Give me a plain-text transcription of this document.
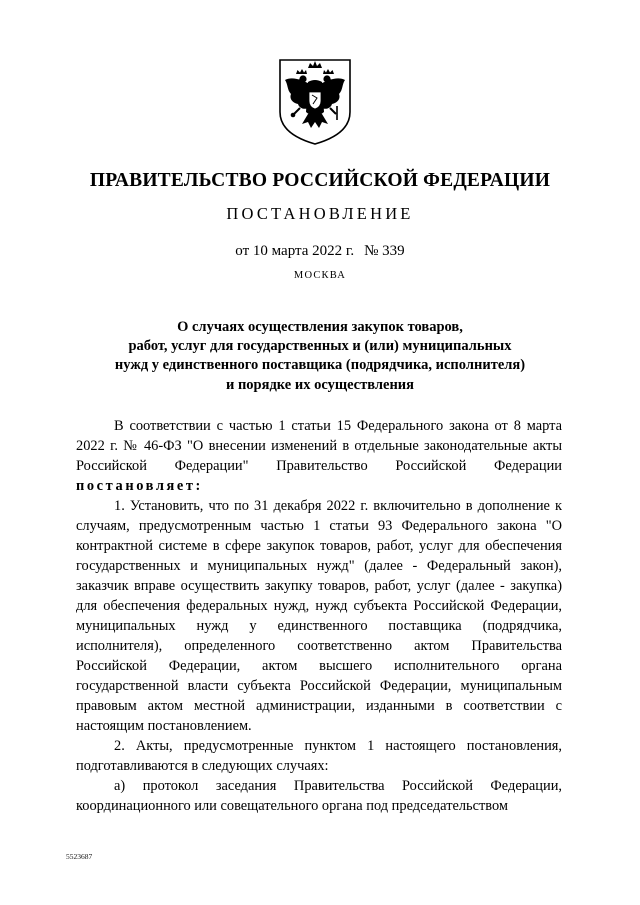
ПРАВИТЕЛЬСТВО РОССИЙСКОЙ ФЕДЕРАЦИИ
ПОСТАНОВЛЕНИЕ
от 10 марта 2022 г. № 339
МОСКВА
О случаях осуществления закупок товаров,
работ, услуг для государственных и (или) муниципальных
нужд у единственного поставщика (подрядчика, исполнителя)
и порядке их осуществления

В соответствии с частью 1 статьи 15 Федерального закона от 8 марта 2022 г. № 46-ФЗ "О внесении изменений в отдельные законодательные акты Российской Федерации" Правительство Российской Федерации постановляет:

1. Установить, что по 31 декабря 2022 г. включительно в дополнение к случаям, предусмотренным частью 1 статьи 93 Федерального закона "О контрактной системе в сфере закупок товаров, работ, услуг для обеспечения государственных и муниципальных нужд" (далее - Федеральный закон), заказчик вправе осуществить закупку товаров, работ, услуг (далее - закупка) для обеспечения федеральных нужд, нужд субъекта Российской Федерации, муниципальных нужд у единственного поставщика (подрядчика, исполнителя), определенного соответственно актом Правительства Российской Федерации, актом высшего исполнительного органа государственной власти субъекта Российской Федерации, муниципальным правовым актом местной администрации, изданными в соответствии с настоящим постановлением.

2. Акты, предусмотренные пунктом 1 настоящего постановления, подготавливаются в следующих случаях:

а) протокол заседания Правительства Российской Федерации, координационного или совещательного органа под председательством

5523687
